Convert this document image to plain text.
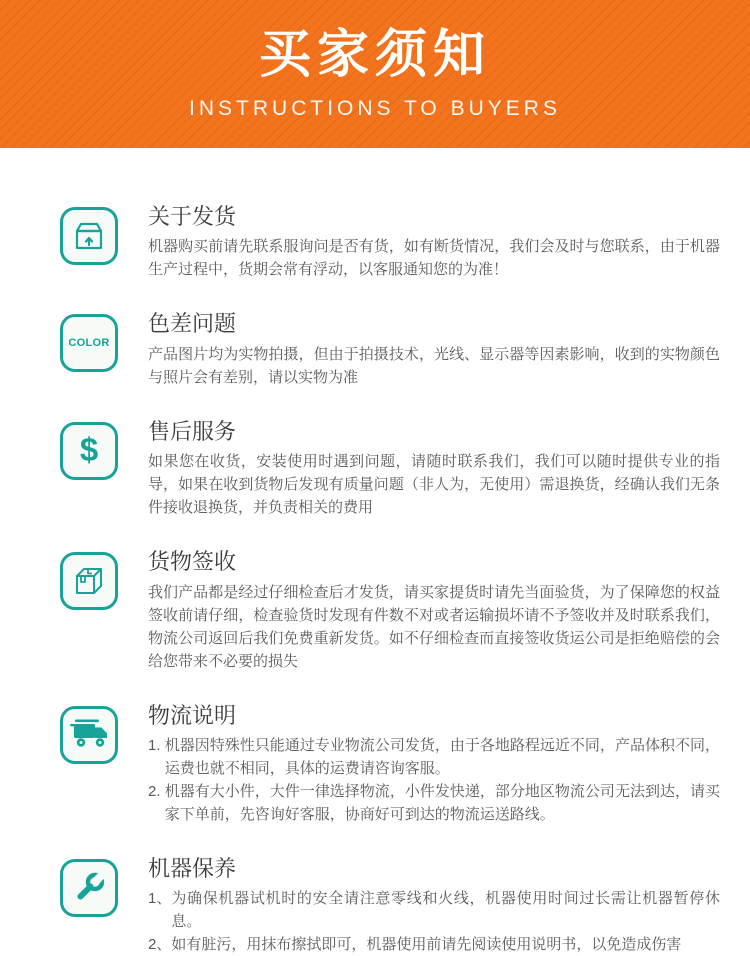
买家须知
INSTRUCTIONS TO BUYERS
关于发货

机器购买前请先联系服询问是否有货，如有断货情况，我们会及时与您联系，由于机器生产过程中，货期会常有浮动，以客服通知您的为准！

COLOR
色差问题

产品图片均为实物拍摄，但由于拍摄技术，光线、显示器等因素影响，收到的实物颜色与照片会有差别，请以实物为准

$ 售后服务

如果您在收货，安装使用时遇到问题，请随时联系我们，我们可以随时提供专业的指导，如果在收到货物后发现有质量问题（非人为，无使用）需退换货，经确认我们无条件接收退换货，并负责相关的费用

货物签收

我们产品都是经过仔细检查后才发货，请买家提货时请先当面验货，为了保障您的权益签收前请仔细，检查验货时发现有件数不对或者运输损坏请不予签收并及时联系我们，物流公司返回后我们免费重新发货。如不仔细检查而直接签收货运公司是拒绝赔偿的会给您带来不必要的损失

物流说明
1. 机器因特殊性只能通过专业物流公司发货，由于各地路程远近不同，产品体积不同，运费也就不相同，具体的运费请咨询客服。
2. 机器有大小件，大件一律选择物流，小件发快递，部分地区物流公司无法到达，请买家下单前，先咨询好客服，协商好可到达的物流运送路线。
机器保养
1、 为确保机器试机时的安全请注意零线和火线，机器使用时间过长需让机器暂停休息。
2、 如有脏污，用抹布擦拭即可，机器使用前请先阅读使用说明书，以免造成伤害
